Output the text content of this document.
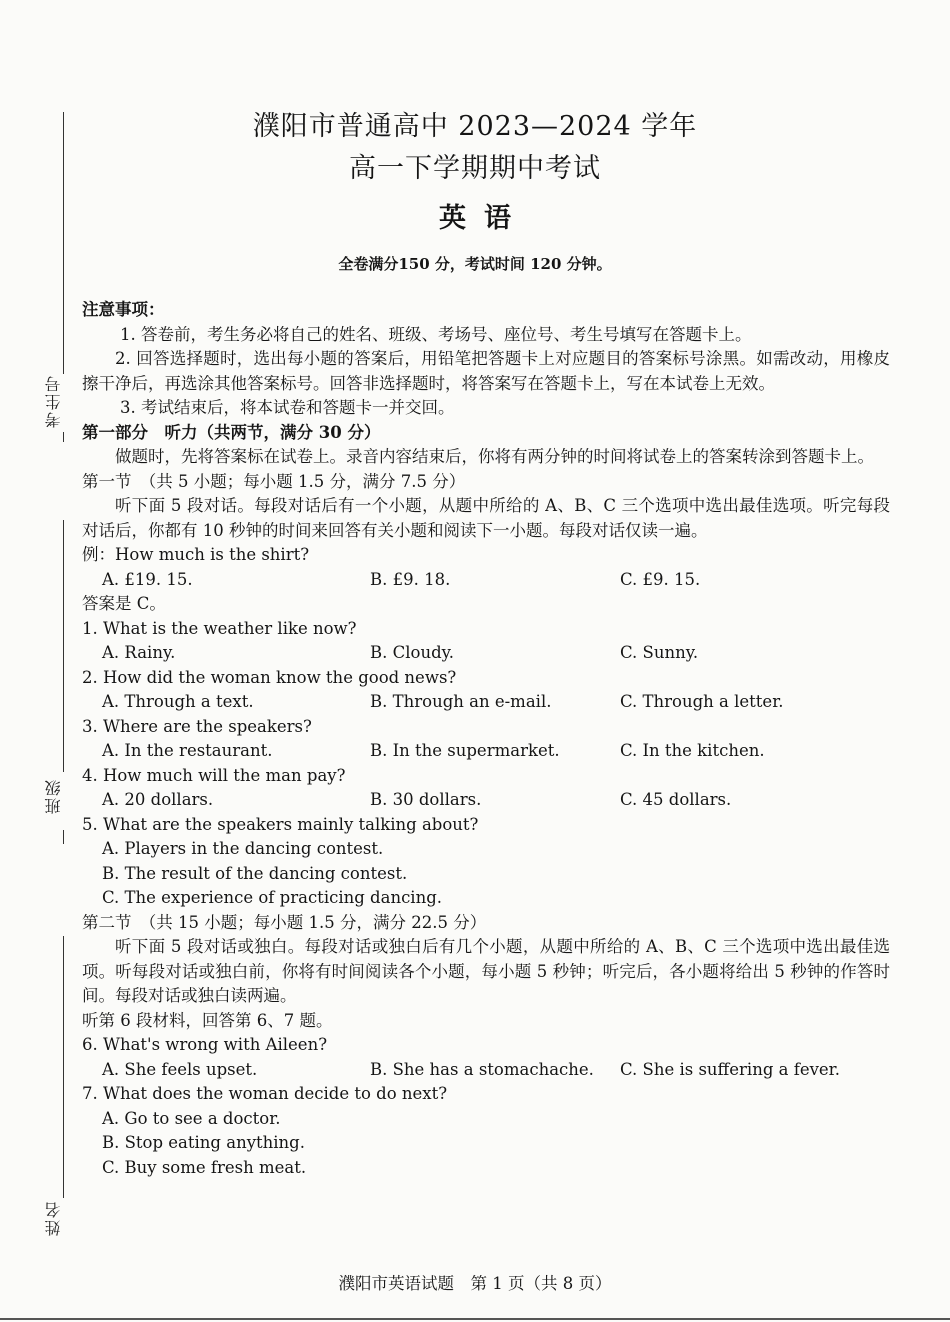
考生号
班级
姓名
濮阳市普通高中 2023—2024 学年
高一下学期期中考试
英语
全卷满分150 分，考试时间 120 分钟。
注意事项：
1. 答卷前，考生务必将自己的姓名、班级、考场号、座位号、考生号填写在答题卡上。
2. 回答选择题时，选出每小题的答案后，用铅笔把答题卡上对应题目的答案标号涂黑。如需改动，用橡皮擦干净后，再选涂其他答案标号。回答非选择题时，将答案写在答题卡上，写在本试卷上无效。
3. 考试结束后，将本试卷和答题卡一并交回。
第一部分　听力（共两节，满分 30 分）
做题时，先将答案标在试卷上。录音内容结束后，你将有两分钟的时间将试卷上的答案转涂到答题卡上。
第一节　（共 5 小题；每小题 1.5 分，满分 7.5 分）
听下面 5 段对话。每段对话后有一个小题，从题中所给的 A、B、C 三个选项中选出最佳选项。听完每段对话后，你都有 10 秒钟的时间来回答有关小题和阅读下一小题。每段对话仅读一遍。
例：How much is the shirt?
A. £19. 15.	B. £9. 18.	C. £9. 15.
答案是 C。
1. What is the weather like now?
A. Rainy.	B. Cloudy.	C. Sunny.
2. How did the woman know the good news?
A. Through a text.	B. Through an e-mail.	C. Through a letter.
3. Where are the speakers?
A. In the restaurant.	B. In the supermarket.	C. In the kitchen.
4. How much will the man pay?
A. 20 dollars.	B. 30 dollars.	C. 45 dollars.
5. What are the speakers mainly talking about?
A. Players in the dancing contest.
B. The result of the dancing contest.
C. The experience of practicing dancing.
第二节　（共 15 小题；每小题 1.5 分，满分 22.5 分）
听下面 5 段对话或独白。每段对话或独白后有几个小题，从题中所给的 A、B、C 三个选项中选出最佳选项。听每段对话或独白前，你将有时间阅读各个小题，每小题 5 秒钟；听完后，各小题将给出 5 秒钟的作答时间。每段对话或独白读两遍。
听第 6 段材料，回答第 6、7 题。
6. What's wrong with Aileen?
A. She feels upset.	B. She has a stomachache.	C. She is suffering a fever.
7. What does the woman decide to do next?
A. Go to see a doctor.
B. Stop eating anything.
C. Buy some fresh meat.
濮阳市英语试题　第 1 页（共 8 页）
